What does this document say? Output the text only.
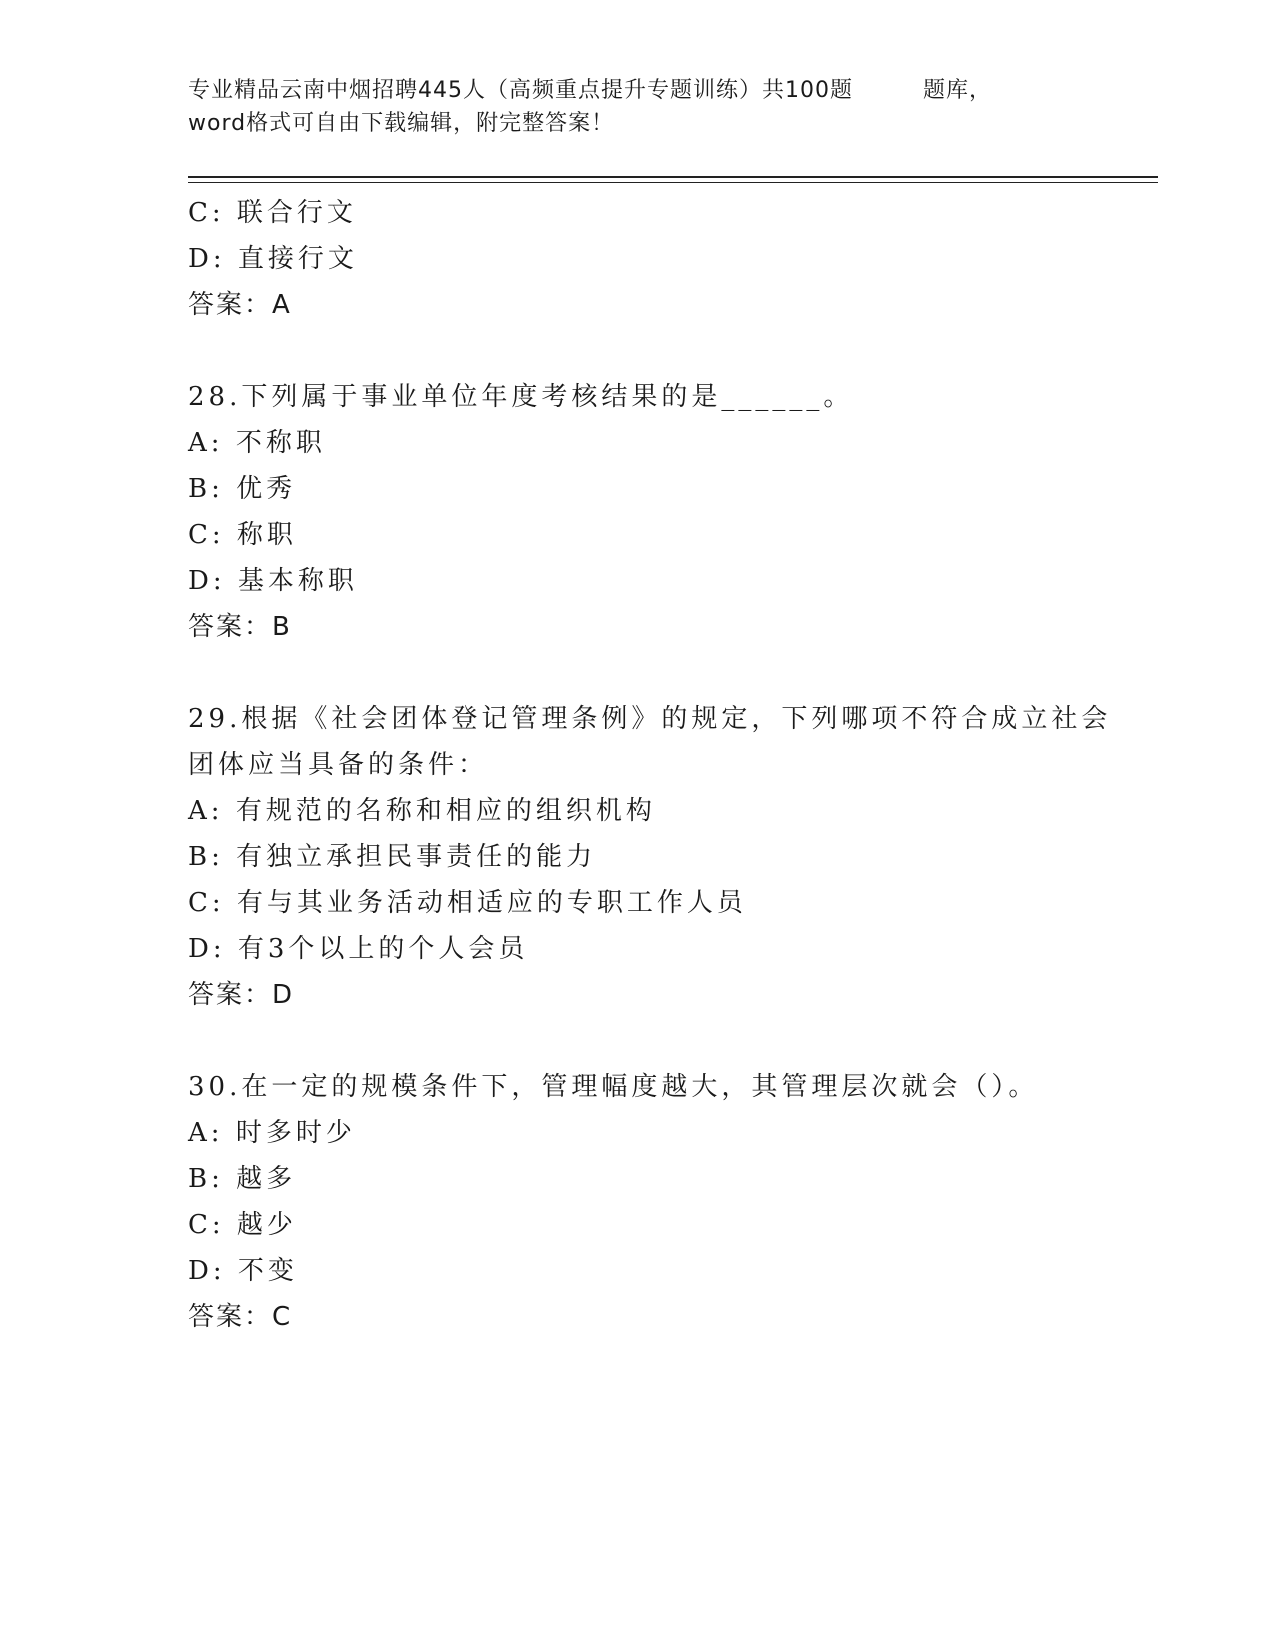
专业精品云南中烟招聘445人（高频重点提升专题训练）共100题	题库，
word格式可自由下载编辑，附完整答案！
C: 联合行文
D: 直接行文
答案：A
28.下列属于事业单位年度考核结果的是______。
A: 不称职
B: 优秀
C: 称职
D: 基本称职
答案：B
29.根据《社会团体登记管理条例》的规定，下列哪项不符合成立社会
团体应当具备的条件：
A: 有规范的名称和相应的组织机构
B: 有独立承担民事责任的能力
C: 有与其业务活动相适应的专职工作人员
D: 有3个以上的个人会员
答案：D
30.在一定的规模条件下，管理幅度越大，其管理层次就会（）。
A: 时多时少
B: 越多
C: 越少
D: 不变
答案：C
